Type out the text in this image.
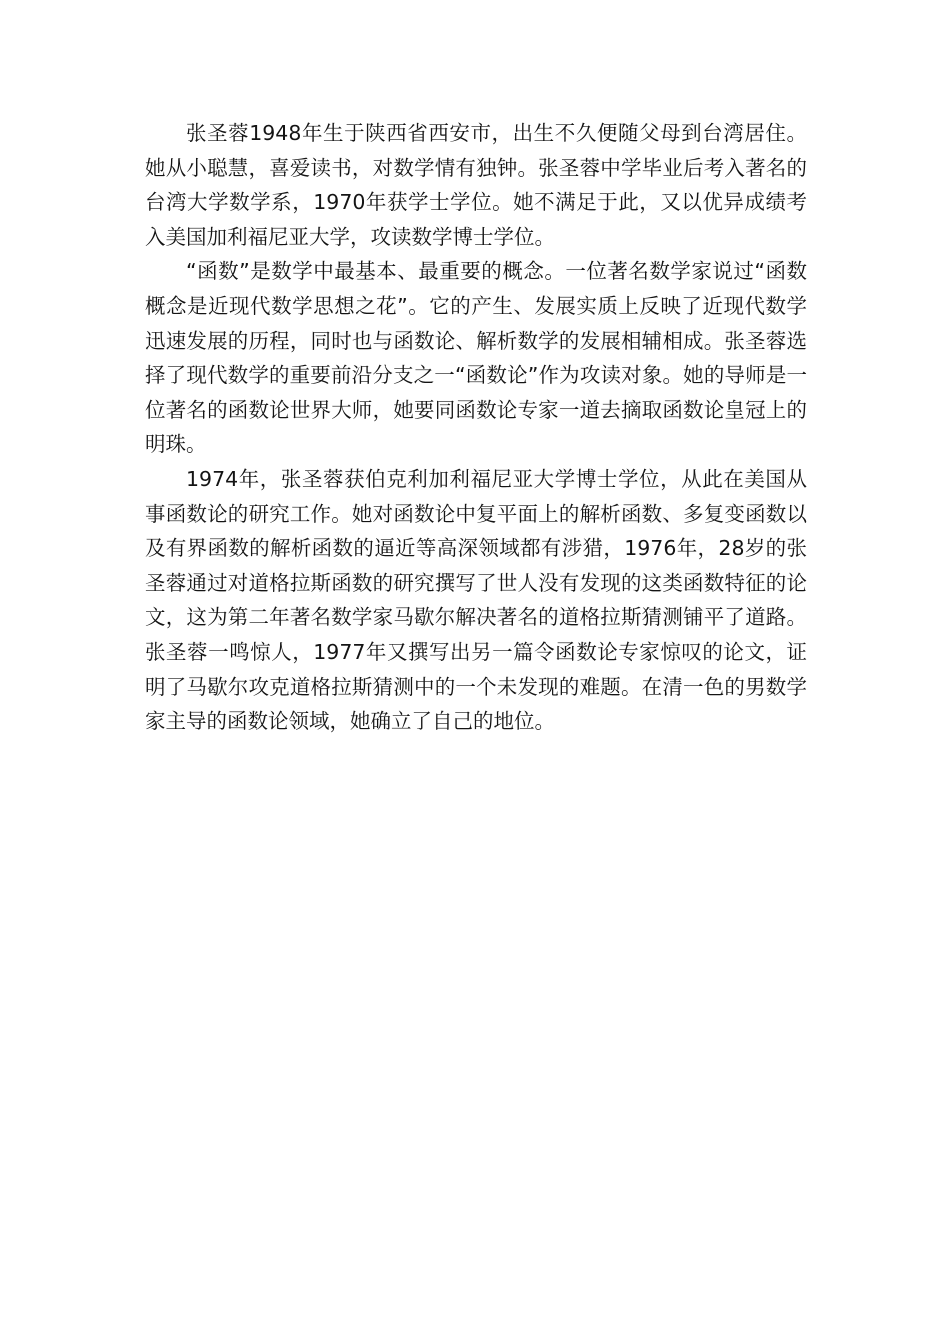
张圣蓉1948年生于陕西省西安市，出生不久便随父母到台湾居住。她从小聪慧，喜爱读书，对数学情有独钟。张圣蓉中学毕业后考入著名的台湾大学数学系，1970年获学士学位。她不满足于此，又以优异成绩考入美国加利福尼亚大学，攻读数学博士学位。

“函数”是数学中最基本、最重要的概念。一位著名数学家说过“函数概念是近现代数学思想之花”。它的产生、发展实质上反映了近现代数学迅速发展的历程，同时也与函数论、解析数学的发展相辅相成。张圣蓉选择了现代数学的重要前沿分支之一“函数论”作为攻读对象。她的导师是一位著名的函数论世界大师，她要同函数论专家一道去摘取函数论皇冠上的明珠。

1974年，张圣蓉获伯克利加利福尼亚大学博士学位，从此在美国从事函数论的研究工作。她对函数论中复平面上的解析函数、多复变函数以及有界函数的解析函数的逼近等高深领域都有涉猎，1976年，28岁的张圣蓉通过对道格拉斯函数的研究撰写了世人没有发现的这类函数特征的论文，这为第二年著名数学家马歇尔解决著名的道格拉斯猜测铺平了道路。张圣蓉一鸣惊人，1977年又撰写出另一篇令函数论专家惊叹的论文，证明了马歇尔攻克道格拉斯猜测中的一个未发现的难题。在清一色的男数学家主导的函数论领域，她确立了自己的地位。
